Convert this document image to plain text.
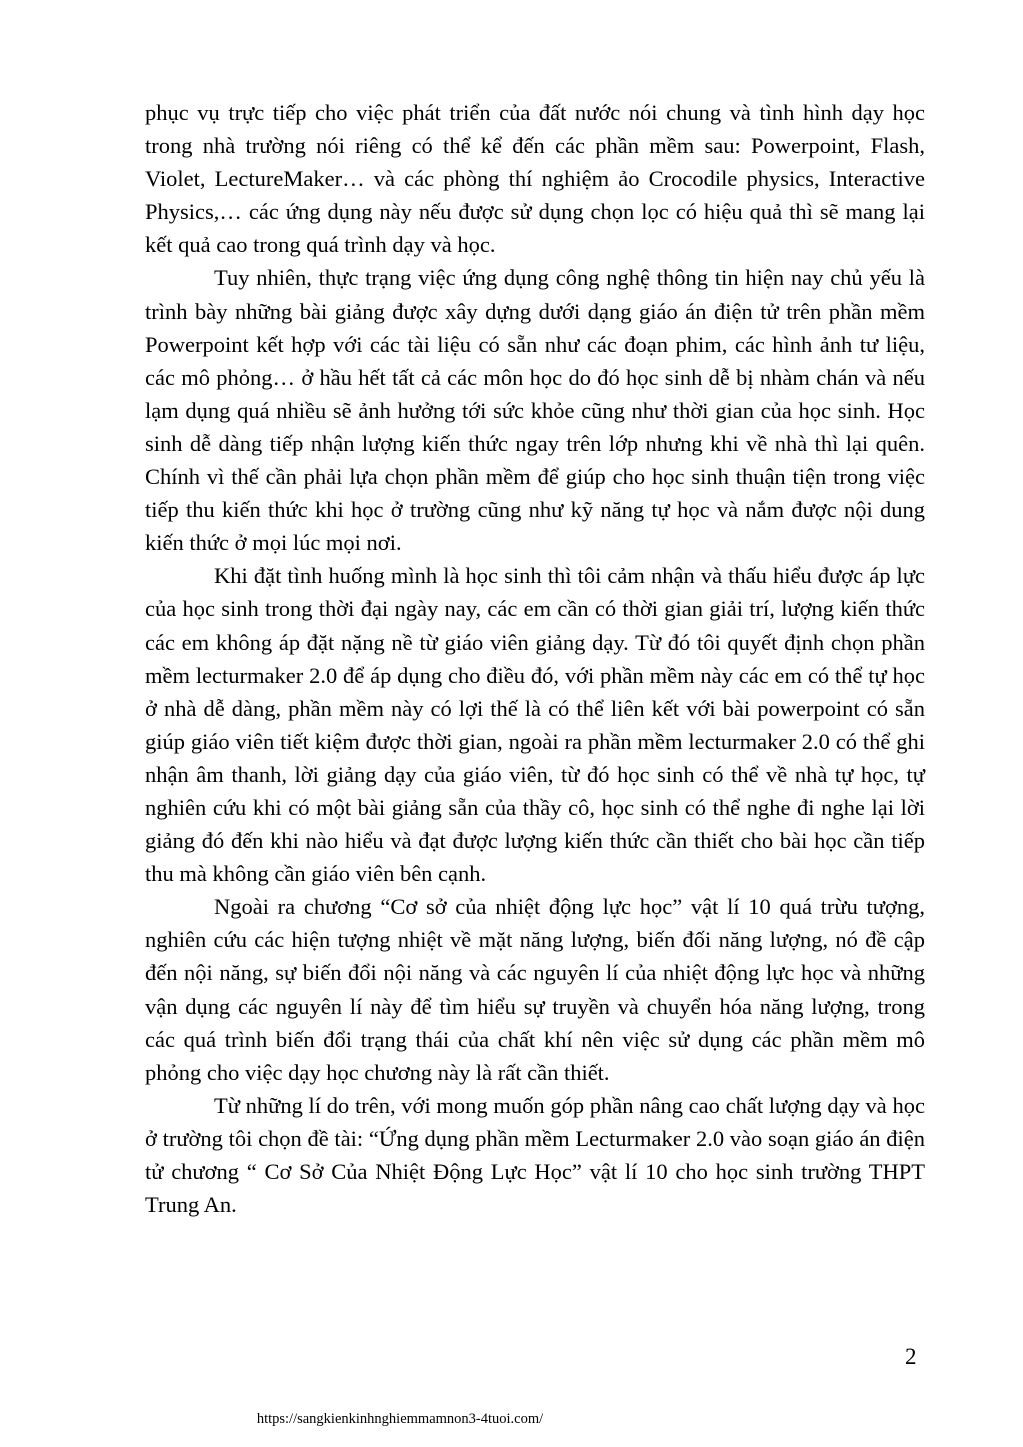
phục vụ trực tiếp cho việc phát triển của đất nước nói chung và tình hình dạy học trong nhà trường nói riêng có thể kể đến các phần mềm sau: Powerpoint, Flash, Violet, LectureMaker… và các phòng thí nghiệm ảo Crocodile physics, Interactive Physics,… các ứng dụng này nếu được sử dụng chọn lọc có hiệu quả thì sẽ mang lại kết quả cao trong quá trình dạy và học.

Tuy nhiên, thực trạng việc ứng dụng công nghệ thông tin hiện nay chủ yếu là trình bày những bài giảng được xây dựng dưới dạng giáo án điện tử trên phần mềm Powerpoint kết hợp với các tài liệu có sẵn như các đoạn phim, các hình ảnh tư liệu, các mô phỏng… ở hầu hết tất cả các môn học do đó học sinh dễ bị nhàm chán và nếu lạm dụng quá nhiều sẽ ảnh hưởng tới sức khỏe cũng như thời gian của học sinh. Học sinh dễ dàng tiếp nhận lượng kiến thức ngay trên lớp nhưng khi về nhà thì lại quên. Chính vì thế cần phải lựa chọn phần mềm để giúp cho học sinh thuận tiện trong việc tiếp thu kiến thức khi học ở trường cũng như kỹ năng tự học và nắm được nội dung kiến thức ở mọi lúc mọi nơi.

Khi đặt tình huống mình là học sinh thì tôi cảm nhận và thấu hiểu được áp lực của học sinh trong thời đại ngày nay, các em cần có thời gian giải trí, lượng kiến thức các em không áp đặt nặng nề từ giáo viên giảng dạy. Từ đó tôi quyết định chọn phần mềm lecturmaker 2.0 để áp dụng cho điều đó, với phần mềm này các em có thể tự học ở nhà dễ dàng, phần mềm này có lợi thế là có thể liên kết với bài powerpoint có sẵn giúp giáo viên tiết kiệm được thời gian, ngoài ra phần mềm lecturmaker 2.0 có thể ghi nhận âm thanh, lời giảng dạy của giáo viên, từ đó học sinh có thể về nhà tự học, tự nghiên cứu khi có một bài giảng sẵn của thầy cô, học sinh có thể nghe đi nghe lại lời giảng đó đến khi nào hiểu và đạt được lượng kiến thức cần thiết cho bài học cần tiếp thu mà không cần giáo viên bên cạnh.

Ngoài ra chương “Cơ sở của nhiệt động lực học” vật lí 10 quá trừu tượng, nghiên cứu các hiện tượng nhiệt về mặt năng lượng, biến đối năng lượng, nó đề cập đến nội năng, sự biến đổi nội năng và các nguyên lí của nhiệt động lực học và những vận dụng các nguyên lí này để tìm hiểu sự truyền và chuyển hóa năng lượng, trong các quá trình biến đổi trạng thái của chất khí nên việc sử dụng các phần mềm mô phỏng cho việc dạy học chương này là rất cần thiết.

Từ những lí do trên, với mong muốn góp phần nâng cao chất lượng dạy và học ở trường tôi chọn đề tài: “Ứng dụng phần mềm Lecturmaker 2.0 vào soạn giáo án điện tử chương “ Cơ Sở Của Nhiệt Động Lực Học” vật lí 10 cho học sinh trường THPT Trung An.

2
https://sangkienkinhnghiemmamnon3-4tuoi.com/
